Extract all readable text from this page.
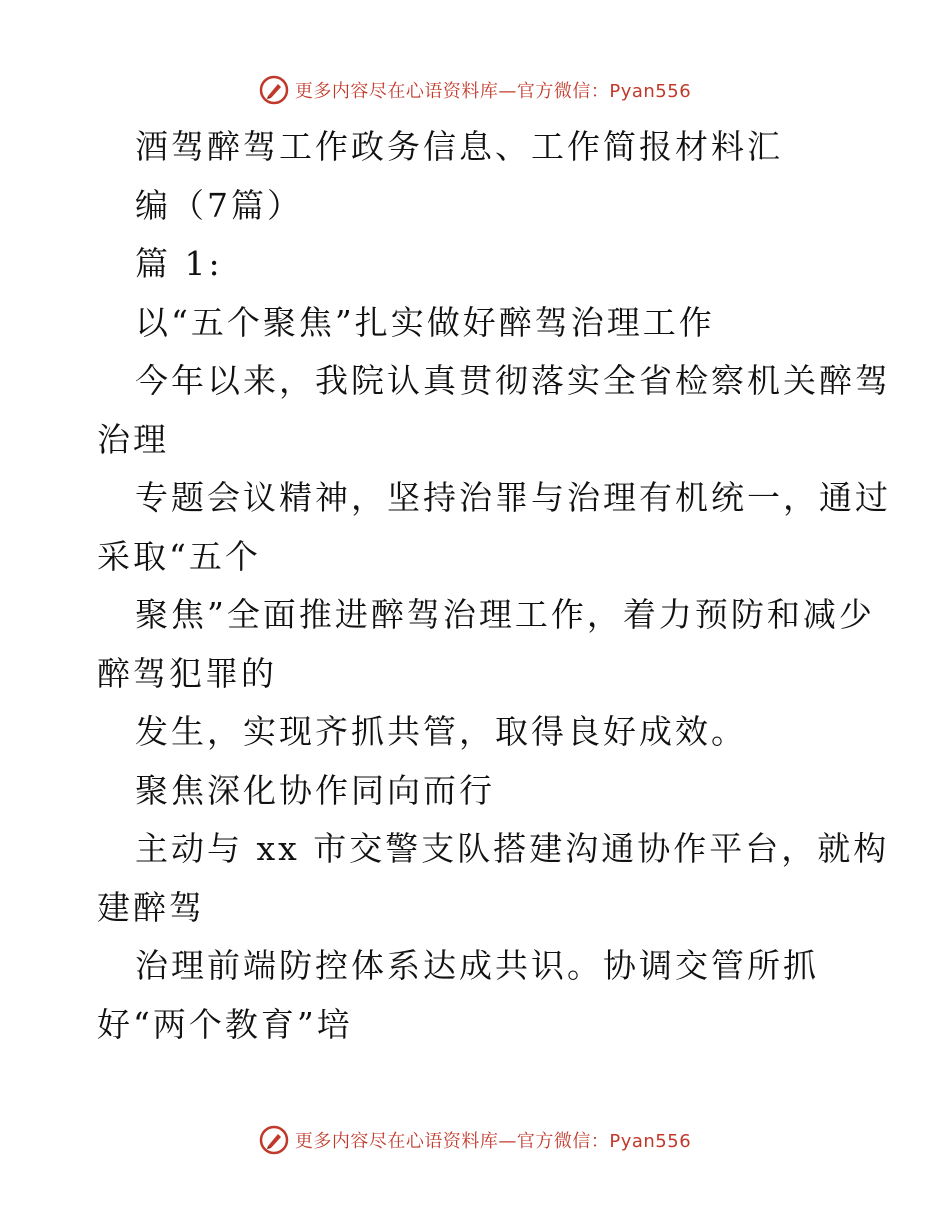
更多内容尽在心语资料库—官方微信：Pyan556
酒驾醉驾工作政务信息、工作简报材料汇
编（7篇）
篇 1:
以“五个聚焦”扎实做好醉驾治理工作
今年以来，我院认真贯彻落实全省检察机关醉驾
治理
专题会议精神，坚持治罪与治理有机统一，通过
采取“五个
聚焦”全面推进醉驾治理工作，着力预防和减少
醉驾犯罪的
发生，实现齐抓共管，取得良好成效。
聚焦深化协作同向而行
主动与 xx 市交警支队搭建沟通协作平台，就构
建醉驾
治理前端防控体系达成共识。协调交管所抓
好“两个教育”培
更多内容尽在心语资料库—官方微信：Pyan556
